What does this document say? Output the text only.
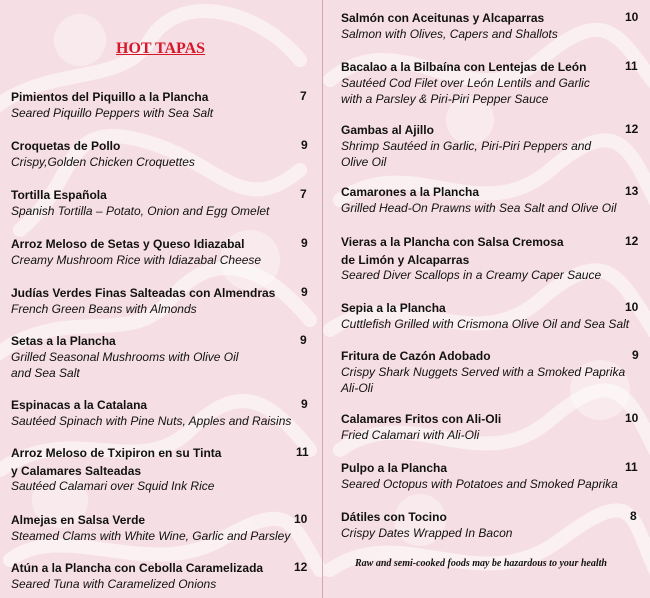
HOT TAPAS
Pimientos del Piquillo a la Plancha	7
Seared Piquillo Peppers with Sea Salt
Croquetas de Pollo	9
Crispy,Golden Chicken Croquettes
Tortilla Española	7
Spanish Tortilla – Potato, Onion and Egg Omelet
Arroz Meloso de Setas y Queso Idiazabal	9
Creamy Mushroom Rice with Idiazabal Cheese
Judías Verdes Finas Salteadas con Almendras 9
French Green Beans with Almonds
Setas a la Plancha	9
Grilled Seasonal Mushrooms with Olive Oil
and Sea Salt
Espinacas a la Catalana	9
Sautéed Spinach with Pine Nuts, Apples and Raisins
Arroz Meloso de Txipiron en su Tinta
y Calamares Salteadas
11
Sautéed Calamari over Squid Ink Rice
Almejas en Salsa Verde	10
Steamed Clams with White Wine, Garlic and Parsley
Atún a la Plancha con Cebolla Caramelizada	12
Seared Tuna with Caramelized Onions
Salmón con Aceitunas y Alcaparras	10
Salmon with Olives, Capers and Shallots
Bacalao a la Bilbaína con Lentejas de León	11
Sautéed Cod Filet over León Lentils and Garlic
with a Parsley & Piri-Piri Pepper Sauce
Gambas al Ajillo	12
Shrimp Sautéed in Garlic, Piri-Piri Peppers and
Olive Oil
Camarones a la Plancha	13
Grilled Head-On Prawns with Sea Salt and Olive Oil
Vieras a la Plancha con Salsa Cremosa
de Limón y Alcaparras
12
Seared Diver Scallops in a Creamy Caper Sauce
Sepia a la Plancha	10
Cuttlefish Grilled with Crismona Olive Oil and Sea Salt
Fritura de Cazón Adobado	9
Crispy Shark Nuggets Served with a Smoked Paprika
Ali-Oli
Calamares Fritos con Ali-Oli	10
Fried Calamari with Ali-Oli
Pulpo a la Plancha	11
Seared Octopus with Potatoes and Smoked Paprika
Dátiles con Tocino	8
Crispy Dates Wrapped In Bacon
Raw and semi-cooked foods may be hazardous to your health
